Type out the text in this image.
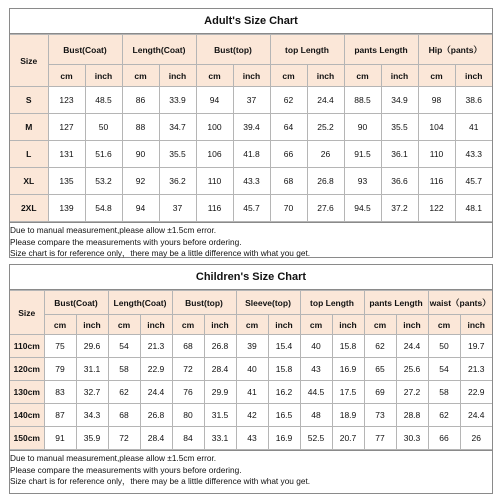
Adult's Size Chart
Size	Bust(Coat)		Length(Coat)		Bust(top)		top Length		pants Length		Hip（pants）	
	cm	inch	cm	inch	cm	inch	cm	inch	cm	inch	cm	inch
S	123	48.5	86	33.9	94	37	62	24.4	88.5	34.9	98	38.6
M	127	50	88	34.7	100	39.4	64	25.2	90	35.5	104	41
L	131	51.6	90	35.5	106	41.8	66	26	91.5	36.1	110	43.3
XL	135	53.2	92	36.2	110	43.3	68	26.8	93	36.6	116	45.7
2XL	139	54.8	94	37	116	45.7	70	27.6	94.5	37.2	122	48.1
Due to manual measurement,please allow ±1.5cm error.
Please compare the measurements with yours before ordering.
Size chart is for reference only，there may be a little difference with what you get.
Children's Size Chart
Size	Bust(Coat)		Length(Coat)		Bust(top)		Sleeve(top)		top Length		pants Length		waist（pants）	
	cm	inch	cm	inch	cm	inch	cm	inch	cm	inch	cm	inch	cm	inch
110cm	75	29.6	54	21.3	68	26.8	39	15.4	40	15.8	62	24.4	50	19.7
120cm	79	31.1	58	22.9	72	28.4	40	15.8	43	16.9	65	25.6	54	21.3
130cm	83	32.7	62	24.4	76	29.9	41	16.2	44.5	17.5	69	27.2	58	22.9
140cm	87	34.3	68	26.8	80	31.5	42	16.5	48	18.9	73	28.8	62	24.4
150cm	91	35.9	72	28.4	84	33.1	43	16.9	52.5	20.7	77	30.3	66	26
Due to manual measurement,please allow ±1.5cm error.
Please compare the measurements with yours before ordering.
Size chart is for reference only，there may be a little difference with what you get.
